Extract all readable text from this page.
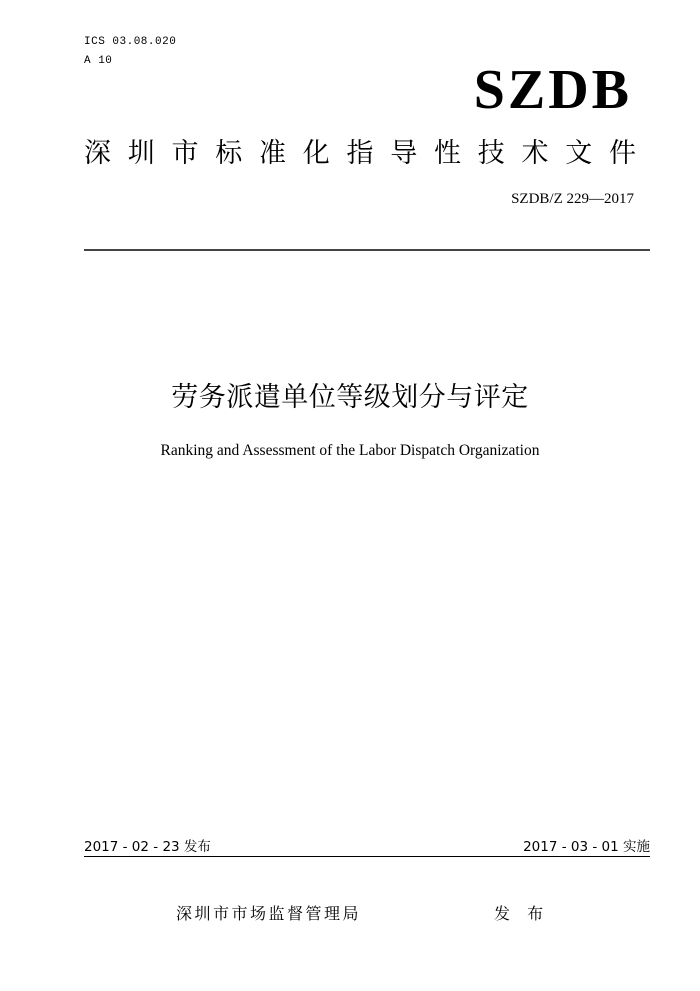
ICS 03.08.020
A 10	SZDB
深 圳 市 标 准 化 指 导 性 技 术 文 件
SZDB/Z 229—2017
劳务派遣单位等级划分与评定
Ranking and Assessment of the Labor Dispatch Organization
2017 - 02 - 23 发布	2017 - 03 - 01 实施
深圳市市场监督管理局	发 布
